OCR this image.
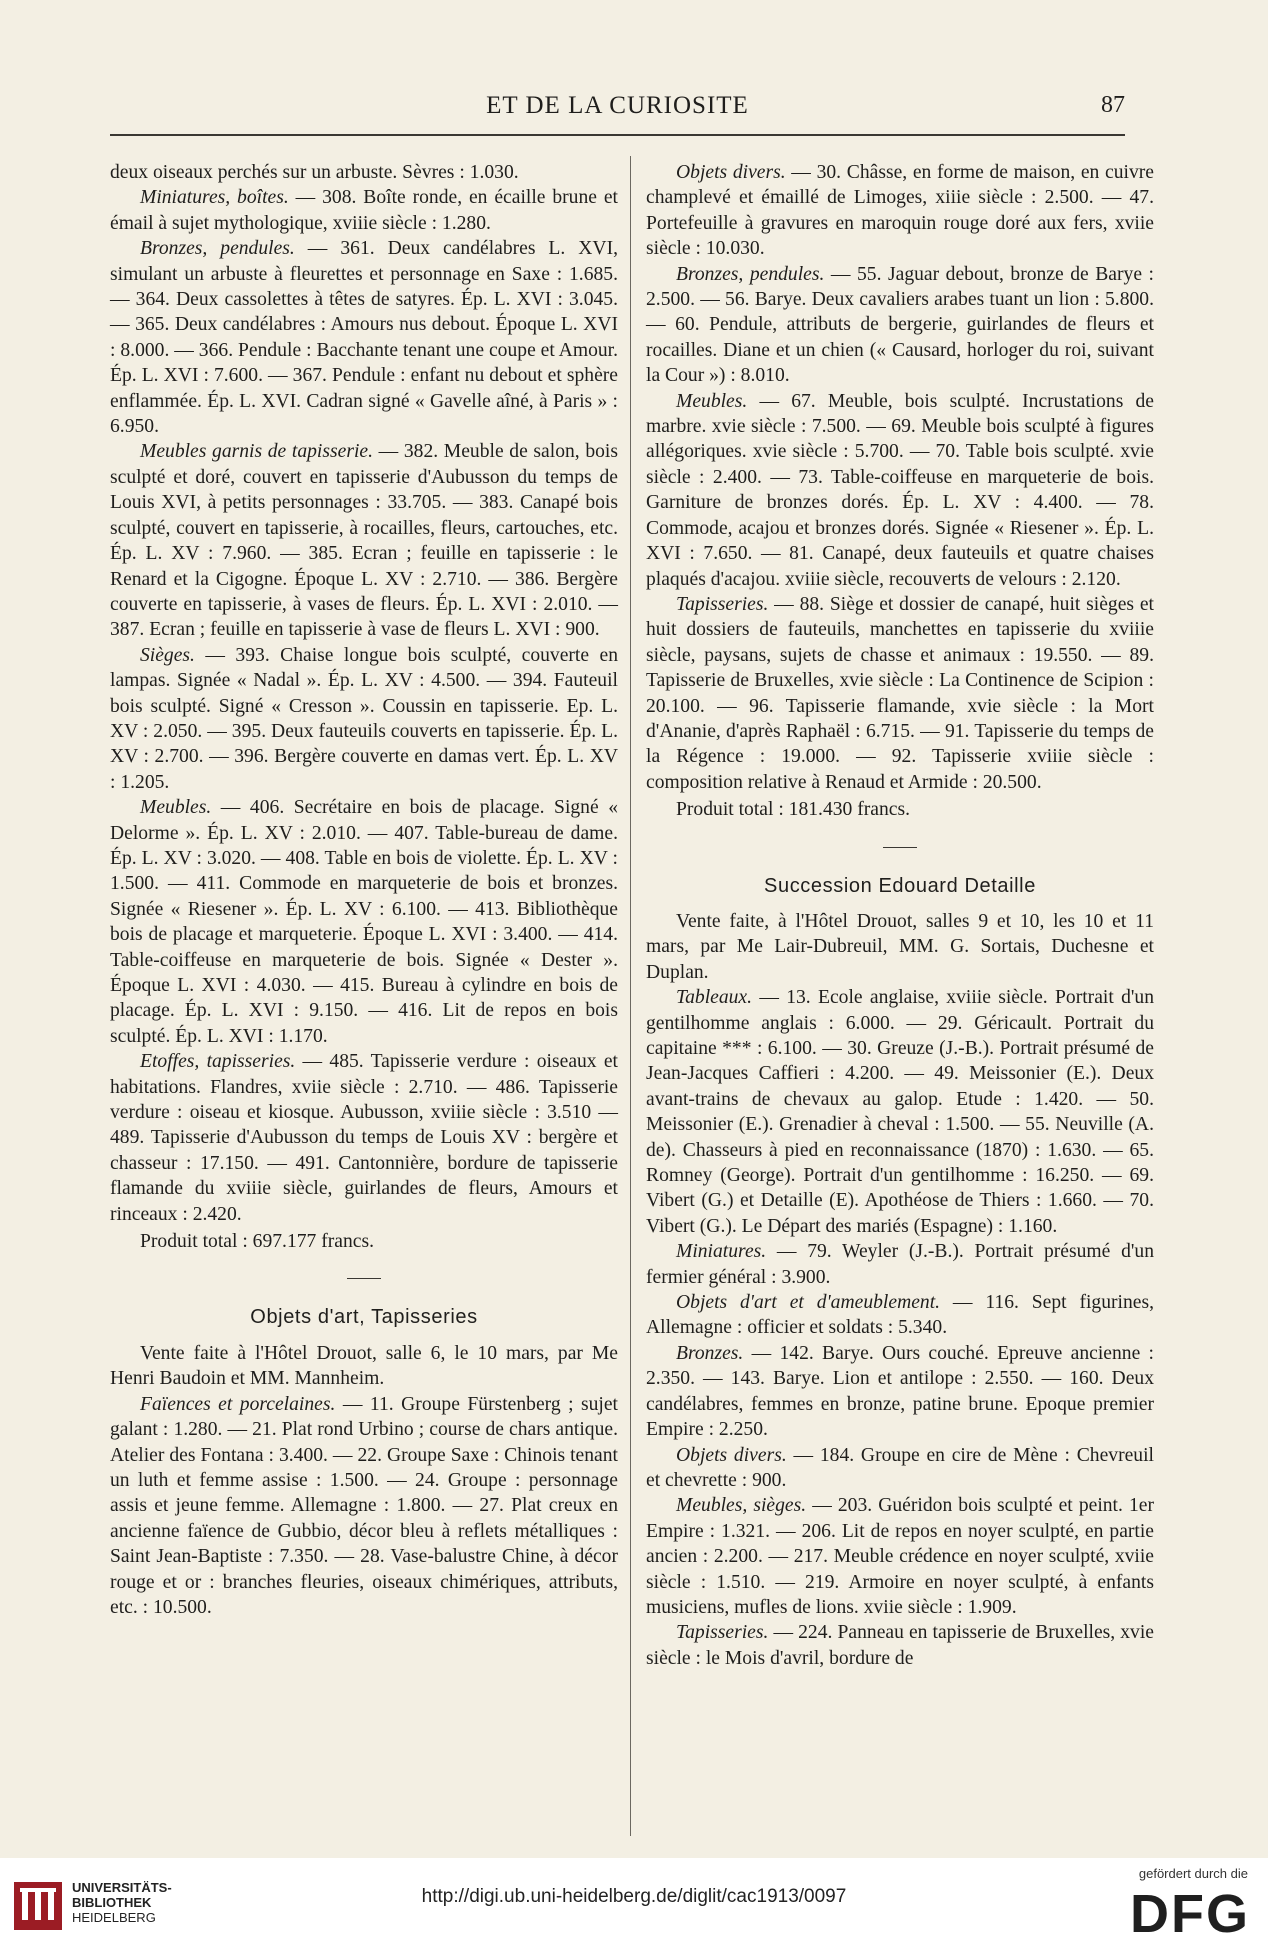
ET DE LA CURIOSITE	87

deux oiseaux perchés sur un arbuste. Sèvres : 1.030.

Miniatures, boîtes. — 308. Boîte ronde, en écaille brune et émail à sujet mythologique, xviiie siècle : 1.280.

Bronzes, pendules. — 361. Deux candélabres L. XVI, simulant un arbuste à fleurettes et personnage en Saxe : 1.685. — 364. Deux cassolettes à têtes de satyres. Ép. L. XVI : 3.045. — 365. Deux candélabres : Amours nus debout. Époque L. XVI : 8.000. — 366. Pendule : Bacchante tenant une coupe et Amour. Ép. L. XVI : 7.600. — 367. Pendule : enfant nu debout et sphère enflammée. Ép. L. XVI. Cadran signé « Gavelle aîné, à Paris » : 6.950.

Meubles garnis de tapisserie. — 382. Meuble de salon, bois sculpté et doré, couvert en tapisserie d'Aubusson du temps de Louis XVI, à petits personnages : 33.705. — 383. Canapé bois sculpté, couvert en tapisserie, à rocailles, fleurs, cartouches, etc. Ép. L. XV : 7.960. — 385. Ecran ; feuille en tapisserie : le Renard et la Cigogne. Époque L. XV : 2.710. — 386. Bergère couverte en tapisserie, à vases de fleurs. Ép. L. XVI : 2.010. — 387. Ecran ; feuille en tapisserie à vase de fleurs L. XVI : 900.

Sièges. — 393. Chaise longue bois sculpté, couverte en lampas. Signée « Nadal ». Ép. L. XV : 4.500. — 394. Fauteuil bois sculpté. Signé « Cresson ». Coussin en tapisserie. Ep. L. XV : 2.050. — 395. Deux fauteuils couverts en tapisserie. Ép. L. XV : 2.700. — 396. Bergère couverte en damas vert. Ép. L. XV : 1.205.

Meubles. — 406. Secrétaire en bois de placage. Signé « Delorme ». Ép. L. XV : 2.010. — 407. Table-bureau de dame. Ép. L. XV : 3.020. — 408. Table en bois de violette. Ép. L. XV : 1.500. — 411. Commode en marqueterie de bois et bronzes. Signée « Riesener ». Ép. L. XV : 6.100. — 413. Bibliothèque bois de placage et marqueterie. Époque L. XVI : 3.400. — 414. Table-coiffeuse en marqueterie de bois. Signée « Dester ». Époque L. XVI : 4.030. — 415. Bureau à cylindre en bois de placage. Ép. L. XVI : 9.150. — 416. Lit de repos en bois sculpté. Ép. L. XVI : 1.170.

Etoffes, tapisseries. — 485. Tapisserie verdure : oiseaux et habitations. Flandres, xviie siècle : 2.710. — 486. Tapisserie verdure : oiseau et kiosque. Aubusson, xviiie siècle : 3.510 — 489. Tapisserie d'Aubusson du temps de Louis XV : bergère et chasseur : 17.150. — 491. Cantonnière, bordure de tapisserie flamande du xviiie siècle, guirlandes de fleurs, Amours et rinceaux : 2.420.

Produit total : 697.177 francs.

Objets d'art, Tapisseries

Vente faite à l'Hôtel Drouot, salle 6, le 10 mars, par Me Henri Baudoin et MM. Mannheim.

Faïences et porcelaines. — 11. Groupe Fürstenberg ; sujet galant : 1.280. — 21. Plat rond Urbino ; course de chars antique. Atelier des Fontana : 3.400. — 22. Groupe Saxe : Chinois tenant un luth et femme assise : 1.500. — 24. Groupe : personnage assis et jeune femme. Allemagne : 1.800. — 27. Plat creux en ancienne faïence de Gubbio, décor bleu à reflets métalliques : Saint Jean-Baptiste : 7.350. — 28. Vase-balustre Chine, à décor rouge et or : branches fleuries, oiseaux chimériques, attributs, etc. : 10.500.

Objets divers. — 30. Châsse, en forme de maison, en cuivre champlevé et émaillé de Limoges, xiiie siècle : 2.500. — 47. Portefeuille à gravures en maroquin rouge doré aux fers, xviie siècle : 10.030.

Bronzes, pendules. — 55. Jaguar debout, bronze de Barye : 2.500. — 56. Barye. Deux cavaliers arabes tuant un lion : 5.800. — 60. Pendule, attributs de bergerie, guirlandes de fleurs et rocailles. Diane et un chien (« Causard, horloger du roi, suivant la Cour ») : 8.010.

Meubles. — 67. Meuble, bois sculpté. Incrustations de marbre. xvie siècle : 7.500. — 69. Meuble bois sculpté à figures allégoriques. xvie siècle : 5.700. — 70. Table bois sculpté. xvie siècle : 2.400. — 73. Table-coiffeuse en marqueterie de bois. Garniture de bronzes dorés. Ép. L. XV : 4.400. — 78. Commode, acajou et bronzes dorés. Signée « Riesener ». Ép. L. XVI : 7.650. — 81. Canapé, deux fauteuils et quatre chaises plaqués d'acajou. xviiie siècle, recouverts de velours : 2.120.

Tapisseries. — 88. Siège et dossier de canapé, huit sièges et huit dossiers de fauteuils, manchettes en tapisserie du xviiie siècle, paysans, sujets de chasse et animaux : 19.550. — 89. Tapisserie de Bruxelles, xvie siècle : La Continence de Scipion : 20.100. — 96. Tapisserie flamande, xvie siècle : la Mort d'Ananie, d'après Raphaël : 6.715. — 91. Tapisserie du temps de la Régence : 19.000. — 92. Tapisserie xviiie siècle : composition relative à Renaud et Armide : 20.500.

Produit total : 181.430 francs.

Succession Edouard Detaille

Vente faite, à l'Hôtel Drouot, salles 9 et 10, les 10 et 11 mars, par Me Lair-Dubreuil, MM. G. Sortais, Duchesne et Duplan.

Tableaux. — 13. Ecole anglaise, xviiie siècle. Portrait d'un gentilhomme anglais : 6.000. — 29. Géricault. Portrait du capitaine *** : 6.100. — 30. Greuze (J.-B.). Portrait présumé de Jean-Jacques Caffieri : 4.200. — 49. Meissonier (E.). Deux avant-trains de chevaux au galop. Etude : 1.420. — 50. Meissonier (E.). Grenadier à cheval : 1.500. — 55. Neuville (A. de). Chasseurs à pied en reconnaissance (1870) : 1.630. — 65. Romney (George). Portrait d'un gentilhomme : 16.250. — 69. Vibert (G.) et Detaille (E). Apothéose de Thiers : 1.660. — 70. Vibert (G.). Le Départ des mariés (Espagne) : 1.160.

Miniatures. — 79. Weyler (J.-B.). Portrait présumé d'un fermier général : 3.900.

Objets d'art et d'ameublement. — 116. Sept figurines, Allemagne : officier et soldats : 5.340.

Bronzes. — 142. Barye. Ours couché. Epreuve ancienne : 2.350. — 143. Barye. Lion et antilope : 2.550. — 160. Deux candélabres, femmes en bronze, patine brune. Epoque premier Empire : 2.250.

Objets divers. — 184. Groupe en cire de Mène : Chevreuil et chevrette : 900.

Meubles, sièges. — 203. Guéridon bois sculpté et peint. 1er Empire : 1.321. — 206. Lit de repos en noyer sculpté, en partie ancien : 2.200. — 217. Meuble crédence en noyer sculpté, xviie siècle : 1.510. — 219. Armoire en noyer sculpté, à enfants musiciens, mufles de lions. xviie siècle : 1.909.

Tapisseries. — 224. Panneau en tapisserie de Bruxelles, xvie siècle : le Mois d'avril, bordure de

UNIVERSITÄTS-
BIBLIOTHEK
HEIDELBERG
http://digi.ub.uni-heidelberg.de/diglit/cac1913/0097
gefördert durch die
DFG
